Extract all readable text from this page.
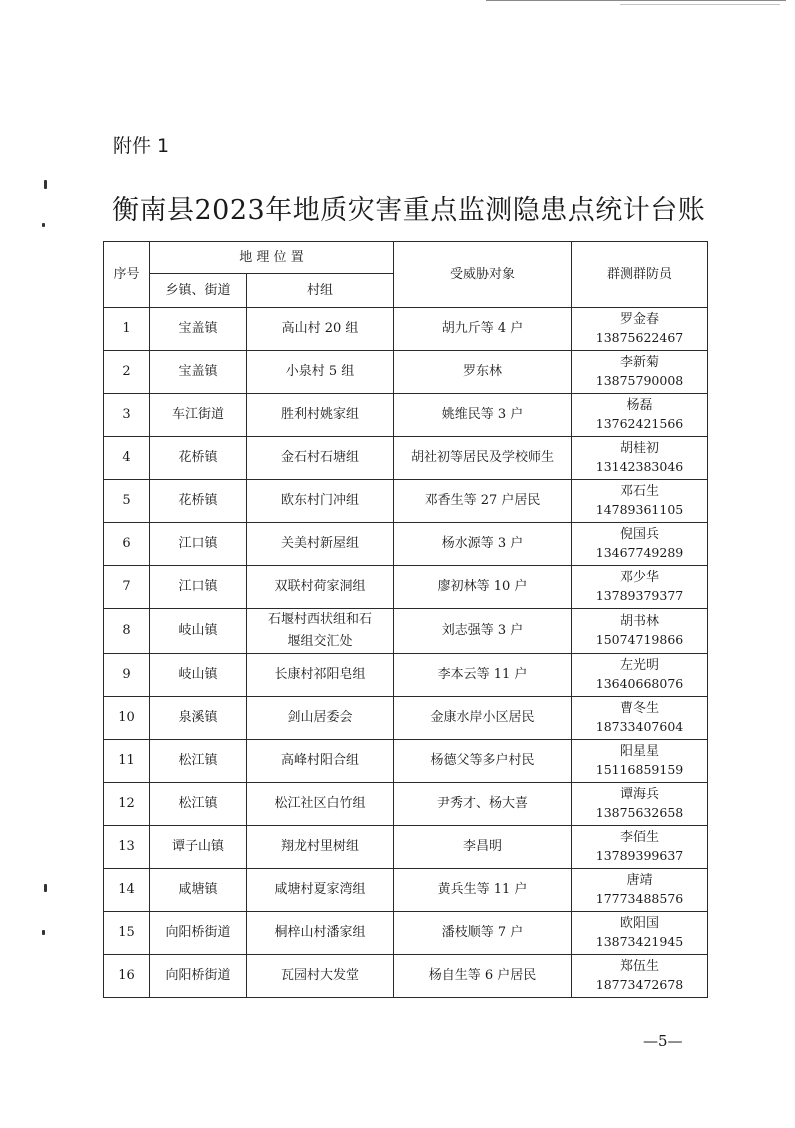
附件 1
衡南县2023年地质灾害重点监测隐患点统计台账
序号	地 理 位 置		受威胁对象	群测群防员
	乡镇、街道	村组		
1	宝盖镇	高山村 20 组	胡九斤等 4 户	罗金春
13875622467

2	宝盖镇	小泉村 5 组	罗东林	李新菊
13875790008

3	车江街道	胜利村姚家组	姚维民等 3 户	杨磊
13762421566

4	花桥镇	金石村石塘组	胡社初等居民及学校师生	胡桂初
13142383046

5	花桥镇	欧东村门冲组	邓香生等 27 户居民	邓石生
14789361105

6	江口镇	关美村新屋组	杨水源等 3 户	倪国兵
13467749289

7	江口镇	双联村荷家洞组	廖初林等 10 户	邓少华
13789379377

8	岐山镇	石堰村西状组和石堰组交汇处	刘志强等 3 户	胡书林
15074719866

9	岐山镇	长康村祁阳皂组	李本云等 11 户	左光明
13640668076

10	泉溪镇	剑山居委会	金康水岸小区居民	曹冬生
18733407604

11	松江镇	高峰村阳合组	杨德父等多户村民	阳星星
15116859159

12	松江镇	松江社区白竹组	尹秀才、杨大喜	谭海兵
13875632658

13	谭子山镇	翔龙村里树组	李昌明	李佰生
13789399637

14	咸塘镇	咸塘村夏家湾组	黄兵生等 11 户	唐靖
17773488576

15	向阳桥街道	桐梓山村潘家组	潘枝顺等 7 户	欧阳国
13873421945

16	向阳桥街道	瓦园村大发堂	杨自生等 6 户居民	郑伍生
18773472678
—5—
